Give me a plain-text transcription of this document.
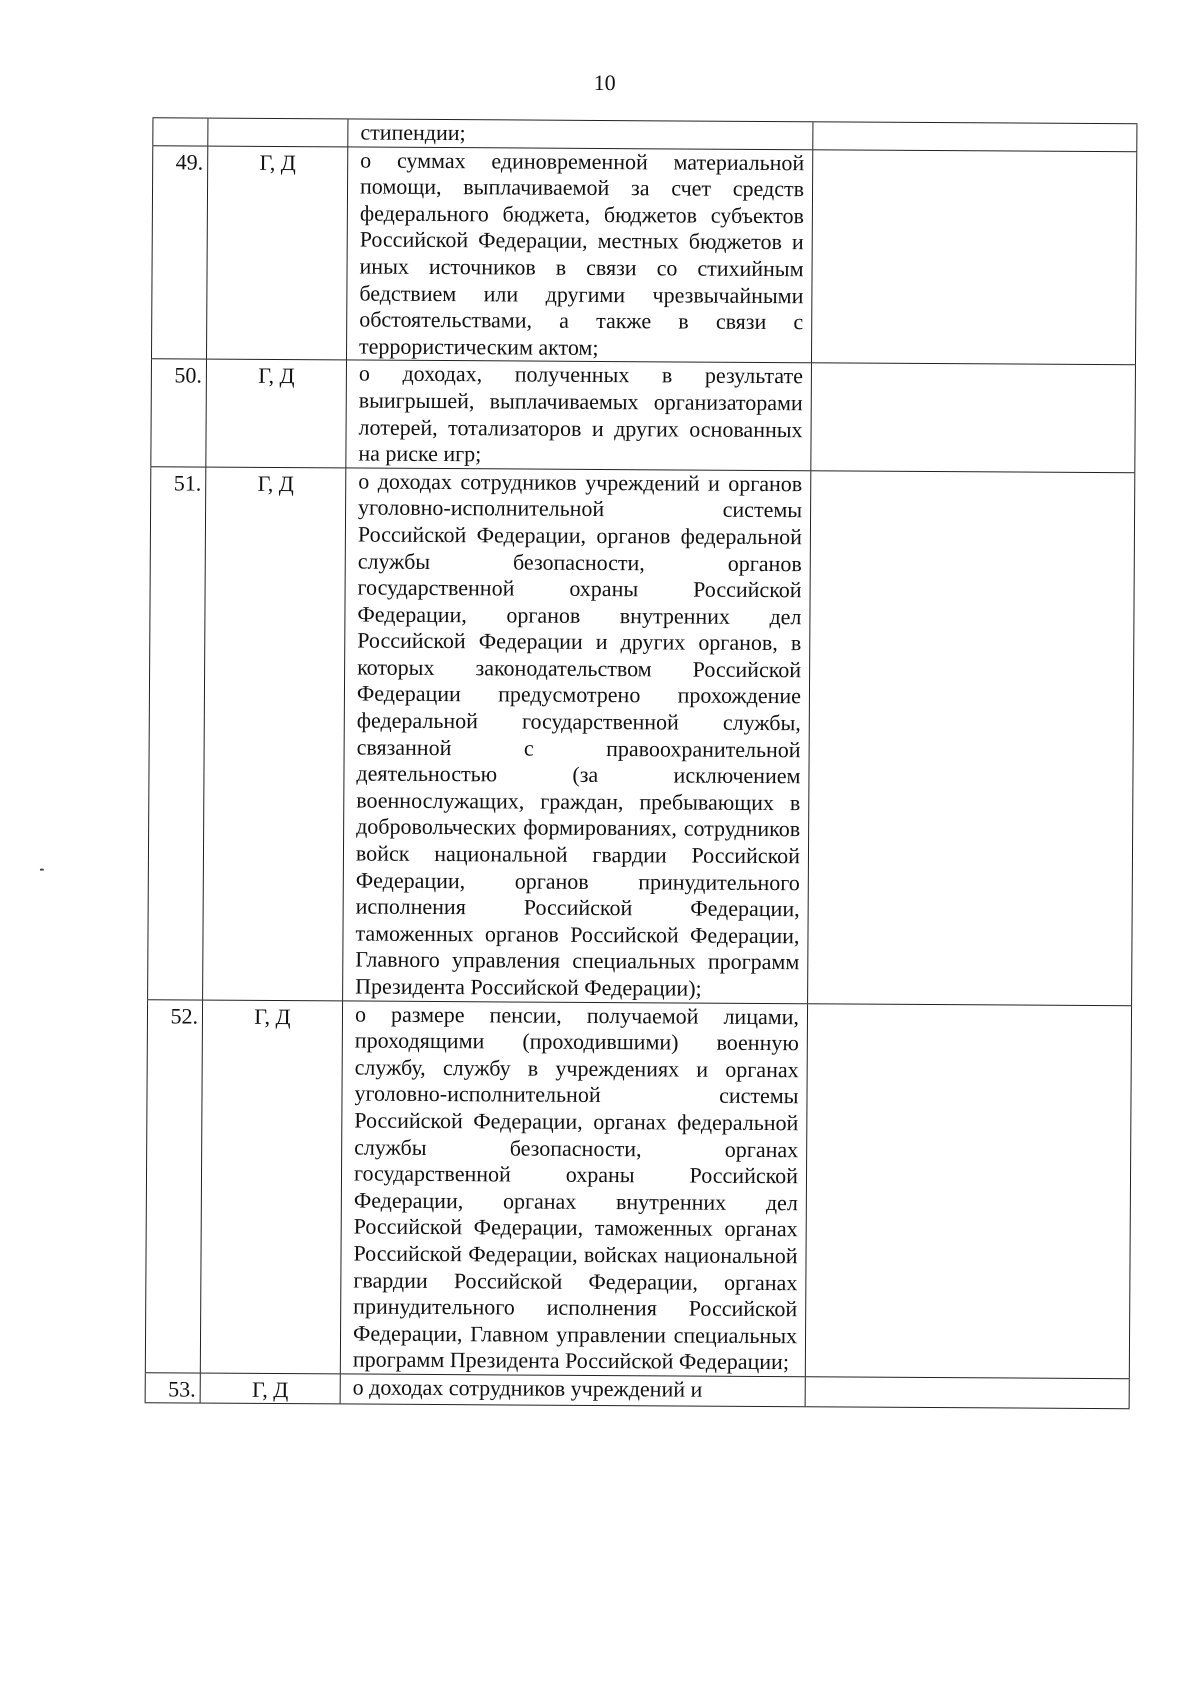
10
стипендии;
49.	Г, Д	о суммах единовременной материальной помощи, выплачиваемой за счет средств федерального бюджета, бюджетов субъектов Российской Федерации, местных бюджетов и иных источников в связи со стихийным бедствием или другими чрезвычайными обстоятельствами, а также в связи с террористическим актом;
50.	Г, Д	о доходах, полученных в результате выигрышей, выплачиваемых организаторами лотерей, тотализаторов и других основанных на риске игр;
51.	Г, Д	о доходах сотрудников учреждений и органов уголовно-исполнительной системы Российской Федерации, органов федеральной службы безопасности, органов государственной охраны Российской Федерации, органов внутренних дел Российской Федерации и других органов, в которых законодательством Российской Федерации предусмотрено прохождение федеральной государственной службы, связанной с правоохранительной деятельностью (за исключением военнослужащих, граждан, пребывающих в добровольческих формированиях, сотрудников войск национальной гвардии Российской Федерации, органов принудительного исполнения Российской Федерации, таможенных органов Российской Федерации, Главного управления специальных программ Президента Российской Федерации);
52.	Г, Д	о размере пенсии, получаемой лицами, проходящими (проходившими) военную службу, службу в учреждениях и органах уголовно-исполнительной системы Российской Федерации, органах федеральной службы безопасности, органах государственной охраны Российской Федерации, органах внутренних дел Российской Федерации, таможенных органах Российской Федерации, войсках национальной гвардии Российской Федерации, органах принудительного исполнения Российской Федерации, Главном управлении специальных программ Президента Российской Федерации;
53.	Г, Д	о доходах сотрудников учреждений и
